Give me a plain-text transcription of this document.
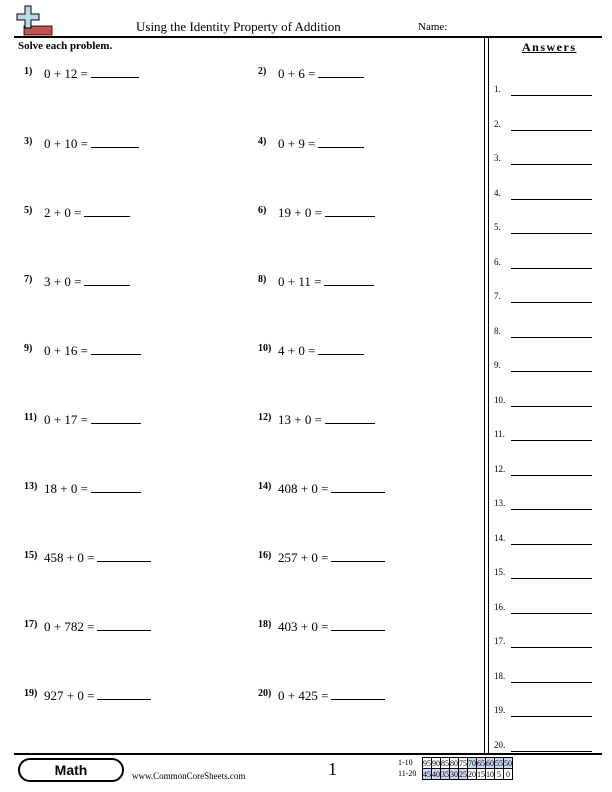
Using the Identity Property of Addition	Name:
Solve each problem.
1) 0 + 12 =	2) 0 + 6 =
3) 0 + 10 =	4) 0 + 9 =
5) 2 + 0 =	6) 19 + 0 =
7) 3 + 0 =	8) 0 + 11 =
9) 0 + 16 =	10) 4 + 0 =
11) 0 + 17 =	12) 13 + 0 =
13) 18 + 0 =	14) 408 + 0 =
15) 458 + 0 =	16) 257 + 0 =
17) 0 + 782 =	18) 403 + 0 =
19) 927 + 0 =	20) 0 + 425 =
Answers
1.
2.
3.
4.
5.
6.
7.
8.
9.
10.
11.
12.
13.
14.
15.
16.
17.
18.
19.
20.
Math	www.CommonCoreSheets.com	1	1-10
11-20
95	90	85	80	75	70	65	60	55	50
45	40	35	30	25	20	15	10	5	0
